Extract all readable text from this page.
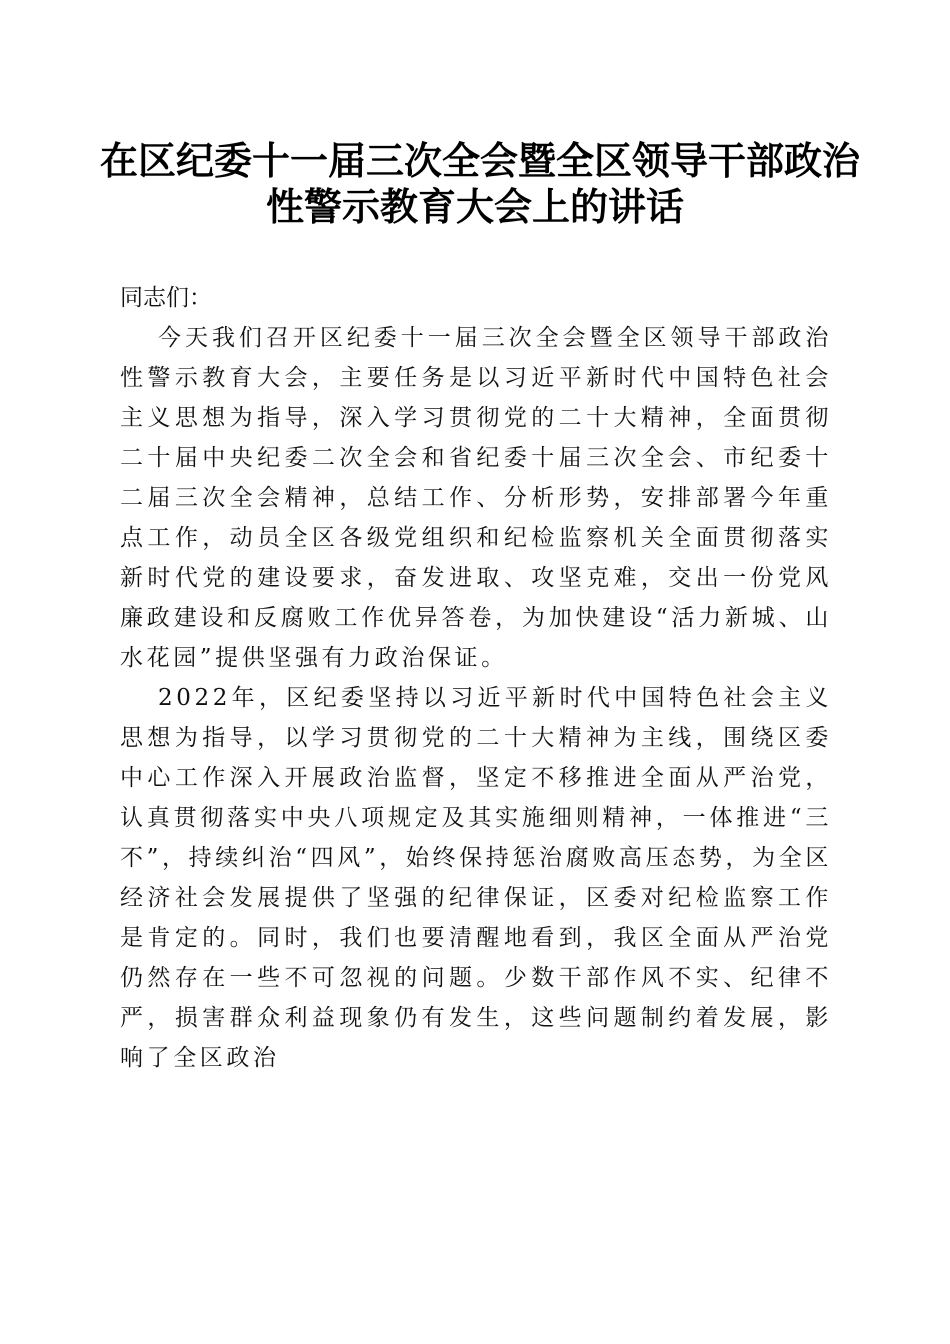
在区纪委十一届三次全会暨全区领导干部政治
性警示教育大会上的讲话

同志们：

今天我们召开区纪委十一届三次全会暨全区领导干部政治性警示教育大会，主要任务是以习近平新时代中国特色社会主义思想为指导，深入学习贯彻党的二十大精神，全面贯彻二十届中央纪委二次全会和省纪委十届三次全会、市纪委十二届三次全会精神，总结工作、分析形势，安排部署今年重点工作，动员全区各级党组织和纪检监察机关全面贯彻落实新时代党的建设要求，奋发进取、攻坚克难，交出一份党风廉政建设和反腐败工作优异答卷，为加快建设“活力新城、山水花园”提供坚强有力政治保证。

2022年，区纪委坚持以习近平新时代中国特色社会主义思想为指导，以学习贯彻党的二十大精神为主线，围绕区委中心工作深入开展政治监督，坚定不移推进全面从严治党，认真贯彻落实中央八项规定及其实施细则精神，一体推进“三不”，持续纠治“四风”，始终保持惩治腐败高压态势，为全区经济社会发展提供了坚强的纪律保证，区委对纪检监察工作是肯定的。同时，我们也要清醒地看到，我区全面从严治党仍然存在一些不可忽视的问题。少数干部作风不实、纪律不严，损害群众利益现象仍有发生，这些问题制约着发展，影响了全区政治
